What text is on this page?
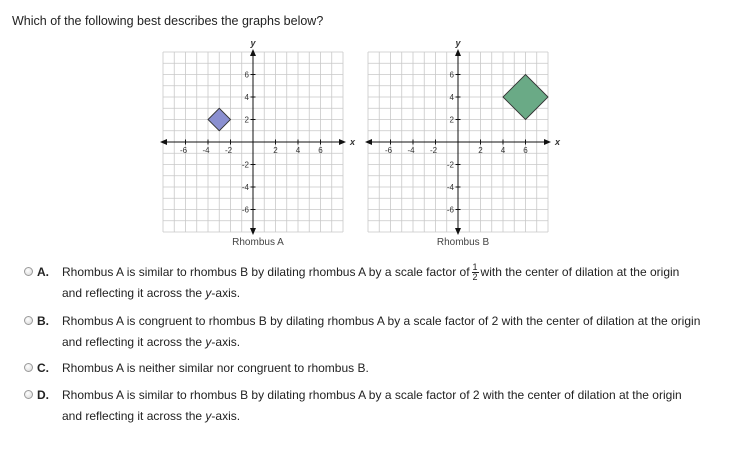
Which of the following best describes the graphs below?
-6 -4 -2	2 4 6
6
4
2
-2
-4
-6
x
y
Rhombus A
-6 -4 -2	2 4 6
6
4
2
-2
-4
-6
x
y
Rhombus B
A. Rhombus A is similar to rhombus B by dilating rhombus A by a scale factor of $\frac{1}{2}$ with the center of dilation at the origin and reflecting it across the y-axis.
B. Rhombus A is congruent to rhombus B by dilating rhombus A by a scale factor of 2 with the center of dilation at the origin and reflecting it across the y-axis.
C. Rhombus A is neither similar nor congruent to rhombus B.
D. Rhombus A is similar to rhombus B by dilating rhombus A by a scale factor of 2 with the center of dilation at the origin and reflecting it across the y-axis.
